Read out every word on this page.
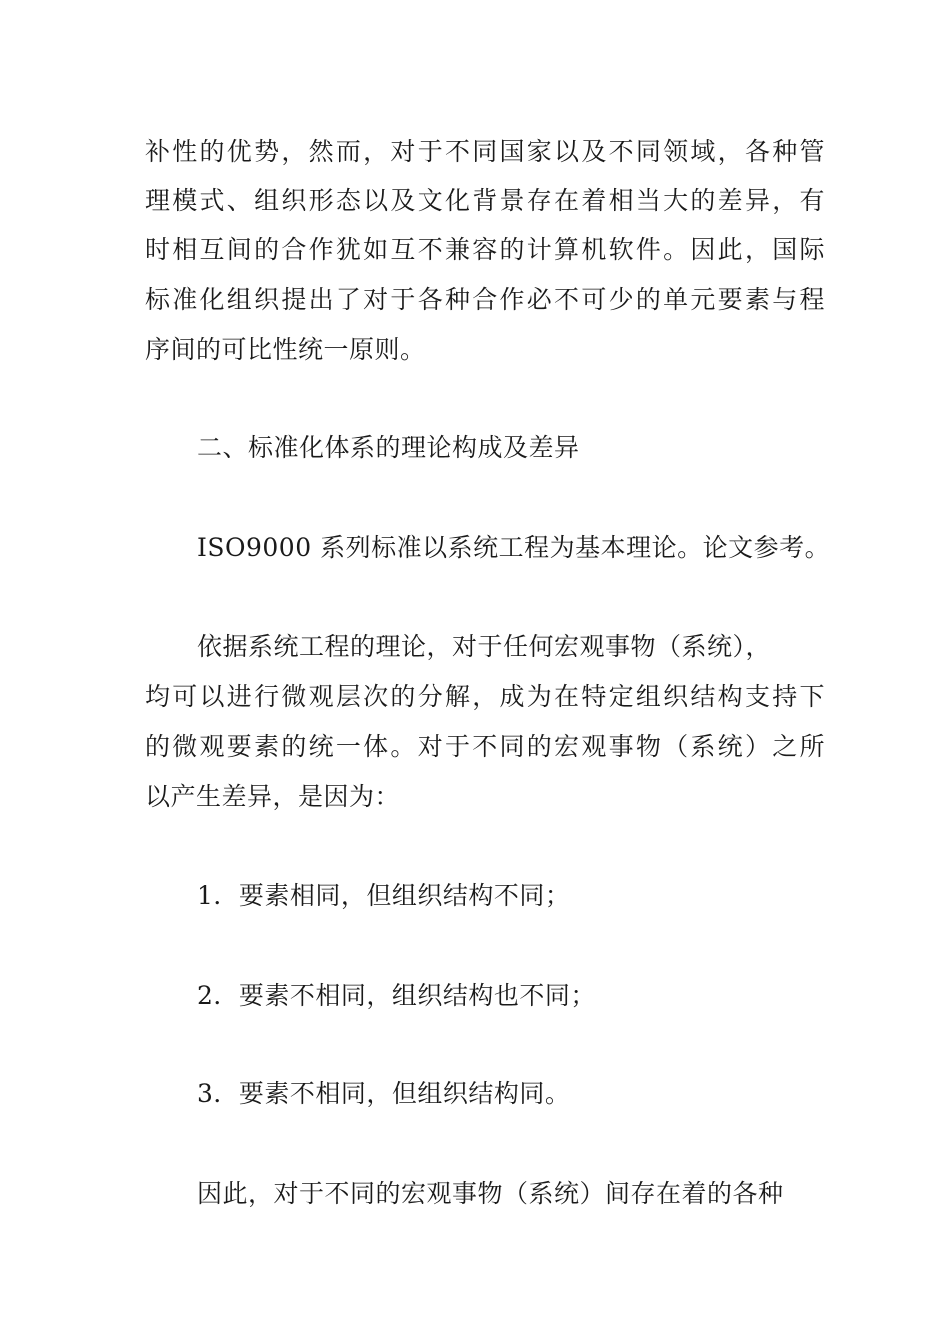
补性的优势，然而，对于不同国家以及不同领域，各种管
理模式、组织形态以及文化背景存在着相当大的差异，有
时相互间的合作犹如互不兼容的计算机软件。因此，国际
标准化组织提出了对于各种合作必不可少的单元要素与程
序间的可比性统一原则。
二、标准化体系的理论构成及差异
ISO9000 系列标准以系统工程为基本理论。论文参考。
依据系统工程的理论，对于任何宏观事物（系统），
均可以进行微观层次的分解，成为在特定组织结构支持下
的微观要素的统一体。对于不同的宏观事物（系统）之所
以产生差异，是因为：
1．要素相同，但组织结构不同；
2．要素不相同，组织结构也不同；
3．要素不相同，但组织结构同。
因此，对于不同的宏观事物（系统）间存在着的各种
